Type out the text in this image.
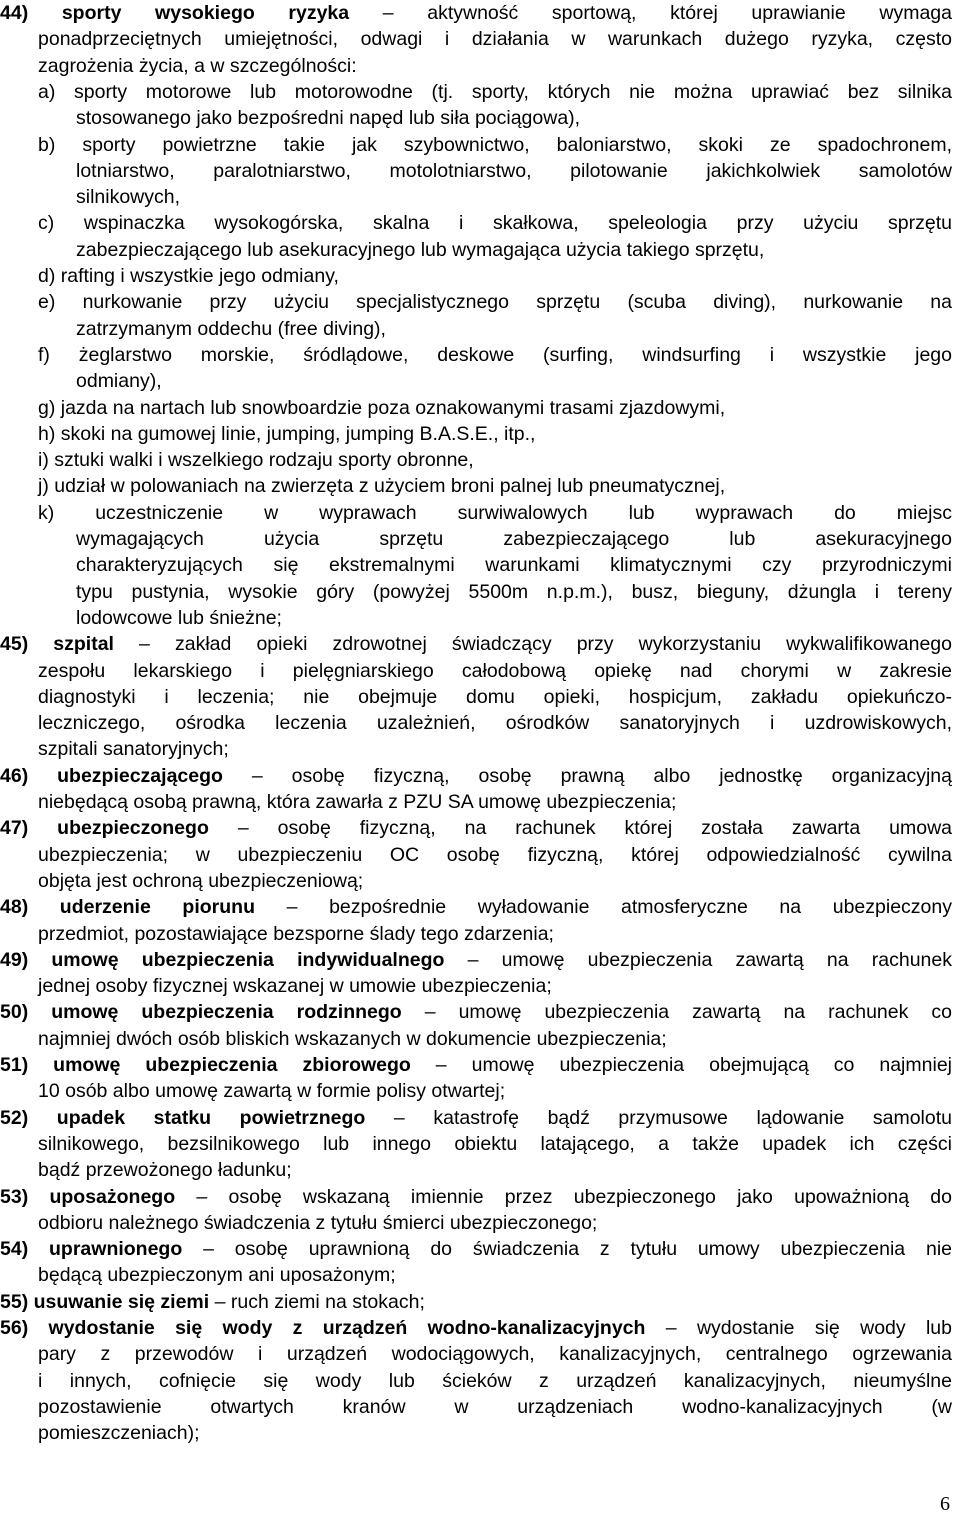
44) sporty wysokiego ryzyka – aktywność sportową, której uprawianie wymaga
ponadprzeciętnych umiejętności, odwagi i działania w warunkach dużego ryzyka, często
zagrożenia życia, a w szczególności:
a) sporty motorowe lub motorowodne (tj. sporty, których nie można uprawiać bez silnika
stosowanego jako bezpośredni napęd lub siła pociągowa),
b) sporty powietrzne takie jak szybownictwo, baloniarstwo, skoki ze spadochronem,
lotniarstwo, paralotniarstwo, motolotniarstwo, pilotowanie jakichkolwiek samolotów
silnikowych,
c) wspinaczka wysokogórska, skalna i skałkowa, speleologia przy użyciu sprzętu
zabezpieczającego lub asekuracyjnego lub wymagająca użycia takiego sprzętu,
d) rafting i wszystkie jego odmiany,
e) nurkowanie przy użyciu specjalistycznego sprzętu (scuba diving), nurkowanie na
zatrzymanym oddechu (free diving),
f) żeglarstwo morskie, śródlądowe, deskowe (surfing, windsurfing i wszystkie jego
odmiany),
g) jazda na nartach lub snowboardzie poza oznakowanymi trasami zjazdowymi,
h) skoki na gumowej linie, jumping, jumping B.A.S.E., itp.,
i) sztuki walki i wszelkiego rodzaju sporty obronne,
j) udział w polowaniach na zwierzęta z użyciem broni palnej lub pneumatycznej,
k) uczestniczenie w wyprawach surwiwalowych lub wyprawach do miejsc
wymagających użycia sprzętu zabezpieczającego lub asekuracyjnego
charakteryzujących się ekstremalnymi warunkami klimatycznymi czy przyrodniczymi
typu pustynia, wysokie góry (powyżej 5500m n.p.m.), busz, bieguny, dżungla i tereny
lodowcowe lub śnieżne;
45) szpital – zakład opieki zdrowotnej świadczący przy wykorzystaniu wykwalifikowanego
zespołu lekarskiego i pielęgniarskiego całodobową opiekę nad chorymi w zakresie
diagnostyki i leczenia; nie obejmuje domu opieki, hospicjum, zakładu opiekuńczo-
leczniczego, ośrodka leczenia uzależnień, ośrodków sanatoryjnych i uzdrowiskowych,
szpitali sanatoryjnych;
46) ubezpieczającego – osobę fizyczną, osobę prawną albo jednostkę organizacyjną
niebędącą osobą prawną, która zawarła z PZU SA umowę ubezpieczenia;
47) ubezpieczonego – osobę fizyczną, na rachunek której została zawarta umowa
ubezpieczenia; w ubezpieczeniu OC osobę fizyczną, której odpowiedzialność cywilna
objęta jest ochroną ubezpieczeniową;
48) uderzenie piorunu – bezpośrednie wyładowanie atmosferyczne na ubezpieczony
przedmiot, pozostawiające bezsporne ślady tego zdarzenia;
49) umowę ubezpieczenia indywidualnego – umowę ubezpieczenia zawartą na rachunek
jednej osoby fizycznej wskazanej w umowie ubezpieczenia;
50) umowę ubezpieczenia rodzinnego – umowę ubezpieczenia zawartą na rachunek co
najmniej dwóch osób bliskich wskazanych w dokumencie ubezpieczenia;
51) umowę ubezpieczenia zbiorowego – umowę ubezpieczenia obejmującą co najmniej
10 osób albo umowę zawartą w formie polisy otwartej;
52) upadek statku powietrznego – katastrofę bądź przymusowe lądowanie samolotu
silnikowego, bezsilnikowego lub innego obiektu latającego, a także upadek ich części
bądź przewożonego ładunku;
53) uposażonego – osobę wskazaną imiennie przez ubezpieczonego jako upoważnioną do
odbioru należnego świadczenia z tytułu śmierci ubezpieczonego;
54) uprawnionego – osobę uprawnioną do świadczenia z tytułu umowy ubezpieczenia nie
będącą ubezpieczonym ani uposażonym;
55) usuwanie się ziemi – ruch ziemi na stokach;
56) wydostanie się wody z urządzeń wodno-kanalizacyjnych – wydostanie się wody lub
pary z przewodów i urządzeń wodociągowych, kanalizacyjnych, centralnego ogrzewania
i innych, cofnięcie się wody lub ścieków z urządzeń kanalizacyjnych, nieumyślne
pozostawienie otwartych kranów w urządzeniach wodno-kanalizacyjnych (w
pomieszczeniach);
6
